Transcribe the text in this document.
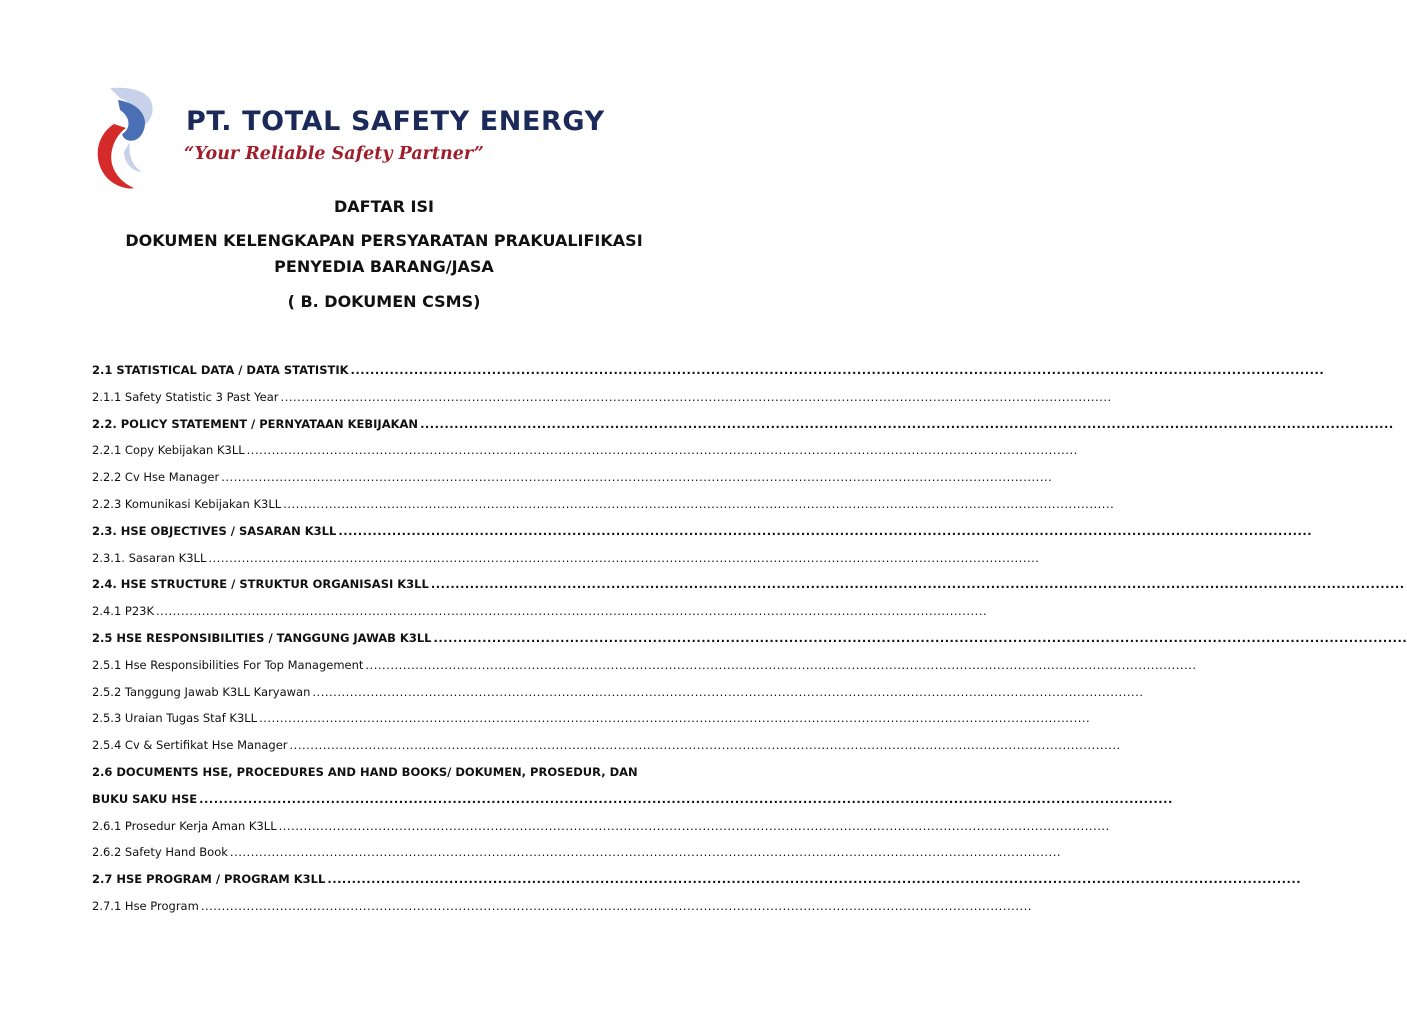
PT. TOTAL SAFETY ENERGY
“Your Reliable Safety Partner”
DAFTAR ISI
DOKUMEN KELENGKAPAN PERSYARATAN PRAKUALIFIKASI
PENYEDIA BARANG/JASA
( B. DOKUMEN CSMS)
2.1 STATISTICAL DATA / DATA STATISTIK ........................................................................................................................................................................................................
2.1.1 Safety Statistic 3 Past Year ........................................................................................................................................................................................................
2.2. POLICY STATEMENT / PERNYATAAN KEBIJAKAN ........................................................................................................................................................................................................
2.2.1 Copy Kebijakan K3LL ........................................................................................................................................................................................................
2.2.2 Cv Hse Manager ........................................................................................................................................................................................................
2.2.3 Komunikasi Kebijakan K3LL ........................................................................................................................................................................................................
2.3. HSE OBJECTIVES / SASARAN K3LL ........................................................................................................................................................................................................
2.3.1. Sasaran K3LL ........................................................................................................................................................................................................
2.4. HSE STRUCTURE / STRUKTUR ORGANISASI K3LL ........................................................................................................................................................................................................
2.4.1 P23K ........................................................................................................................................................................................................
2.5 HSE RESPONSIBILITIES / TANGGUNG JAWAB K3LL ........................................................................................................................................................................................................
2.5.1 Hse Responsibilities For Top Management ........................................................................................................................................................................................................
2.5.2 Tanggung Jawab K3LL Karyawan ........................................................................................................................................................................................................
2.5.3 Uraian Tugas Staf K3LL ........................................................................................................................................................................................................
2.5.4 Cv & Sertifikat Hse Manager ........................................................................................................................................................................................................
2.6 DOCUMENTS HSE, PROCEDURES AND HAND BOOKS/ DOKUMEN, PROSEDUR, DAN
BUKU SAKU HSE ........................................................................................................................................................................................................
2.6.1 Prosedur Kerja Aman K3LL ........................................................................................................................................................................................................
2.6.2 Safety Hand Book ........................................................................................................................................................................................................
2.7 HSE PROGRAM / PROGRAM K3LL ........................................................................................................................................................................................................
2.7.1 Hse Program ........................................................................................................................................................................................................
